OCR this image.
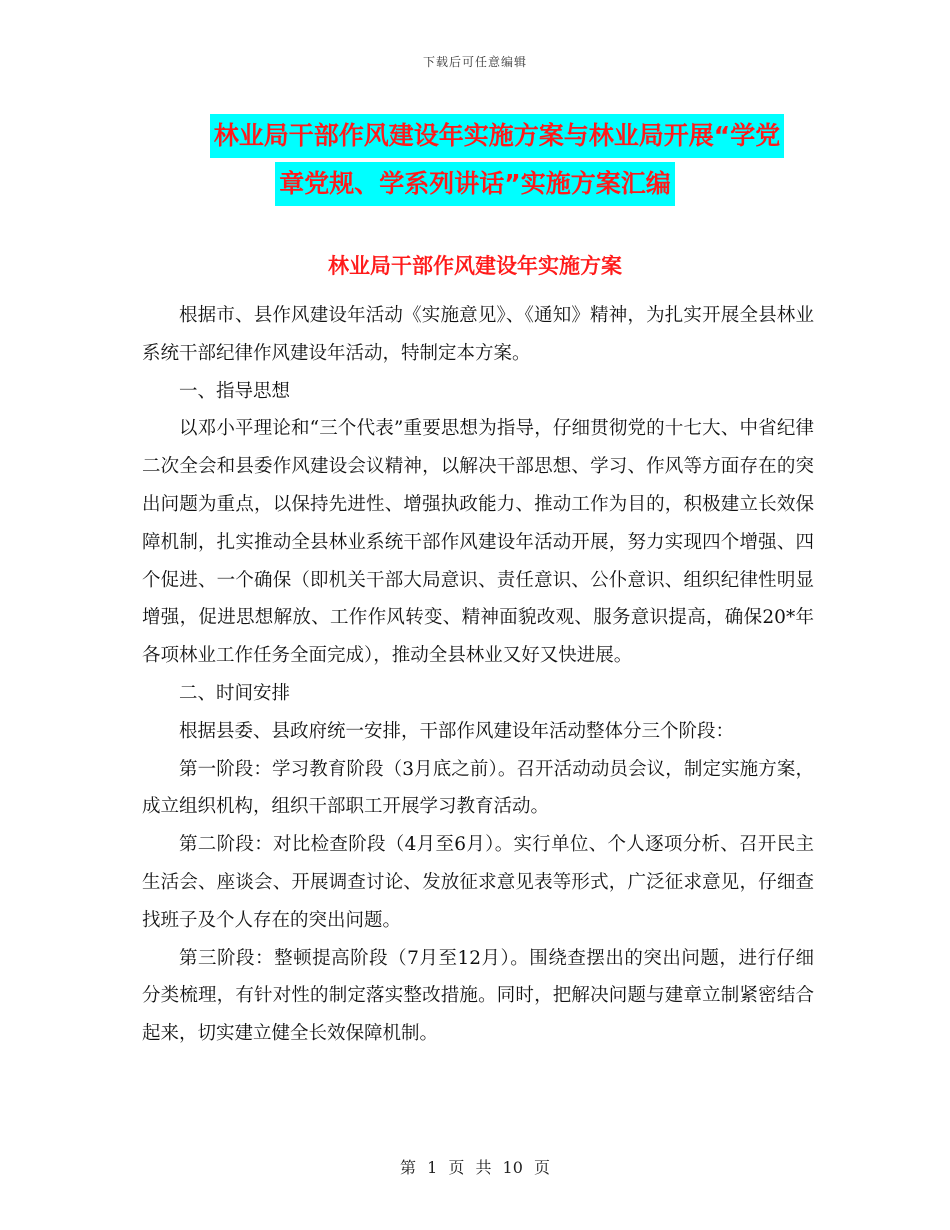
下载后可任意编辑
林业局干部作风建设年实施方案与林业局开展“学党
章党规、学系列讲话”实施方案汇编
林业局干部作风建设年实施方案

根据市、县作风建设年活动《实施意见》、《通知》精神，为扎实开展全县林业系统干部纪律作风建设年活动，特制定本方案。

一、指导思想

以邓小平理论和“三个代表”重要思想为指导，仔细贯彻党的十七大、中省纪律二次全会和县委作风建设会议精神，以解决干部思想、学习、作风等方面存在的突出问题为重点，以保持先进性、增强执政能力、推动工作为目的，积极建立长效保障机制，扎实推动全县林业系统干部作风建设年活动开展，努力实现四个增强、四个促进、一个确保（即机关干部大局意识、责任意识、公仆意识、组织纪律性明显增强，促进思想解放、工作作风转变、精神面貌改观、服务意识提高，确保20*年各项林业工作任务全面完成），推动全县林业又好又快进展。

二、时间安排

根据县委、县政府统一安排，干部作风建设年活动整体分三个阶段：

第一阶段：学习教育阶段（3月底之前）。召开活动动员会议，制定实施方案，成立组织机构，组织干部职工开展学习教育活动。

第二阶段：对比检查阶段（4月至6月）。实行单位、个人逐项分析、召开民主生活会、座谈会、开展调查讨论、发放征求意见表等形式，广泛征求意见，仔细查找班子及个人存在的突出问题。

第三阶段：整顿提高阶段（7月至12月）。围绕查摆出的突出问题，进行仔细分类梳理，有针对性的制定落实整改措施。同时，把解决问题与建章立制紧密结合起来，切实建立健全长效保障机制。

第 1 页 共 10 页
